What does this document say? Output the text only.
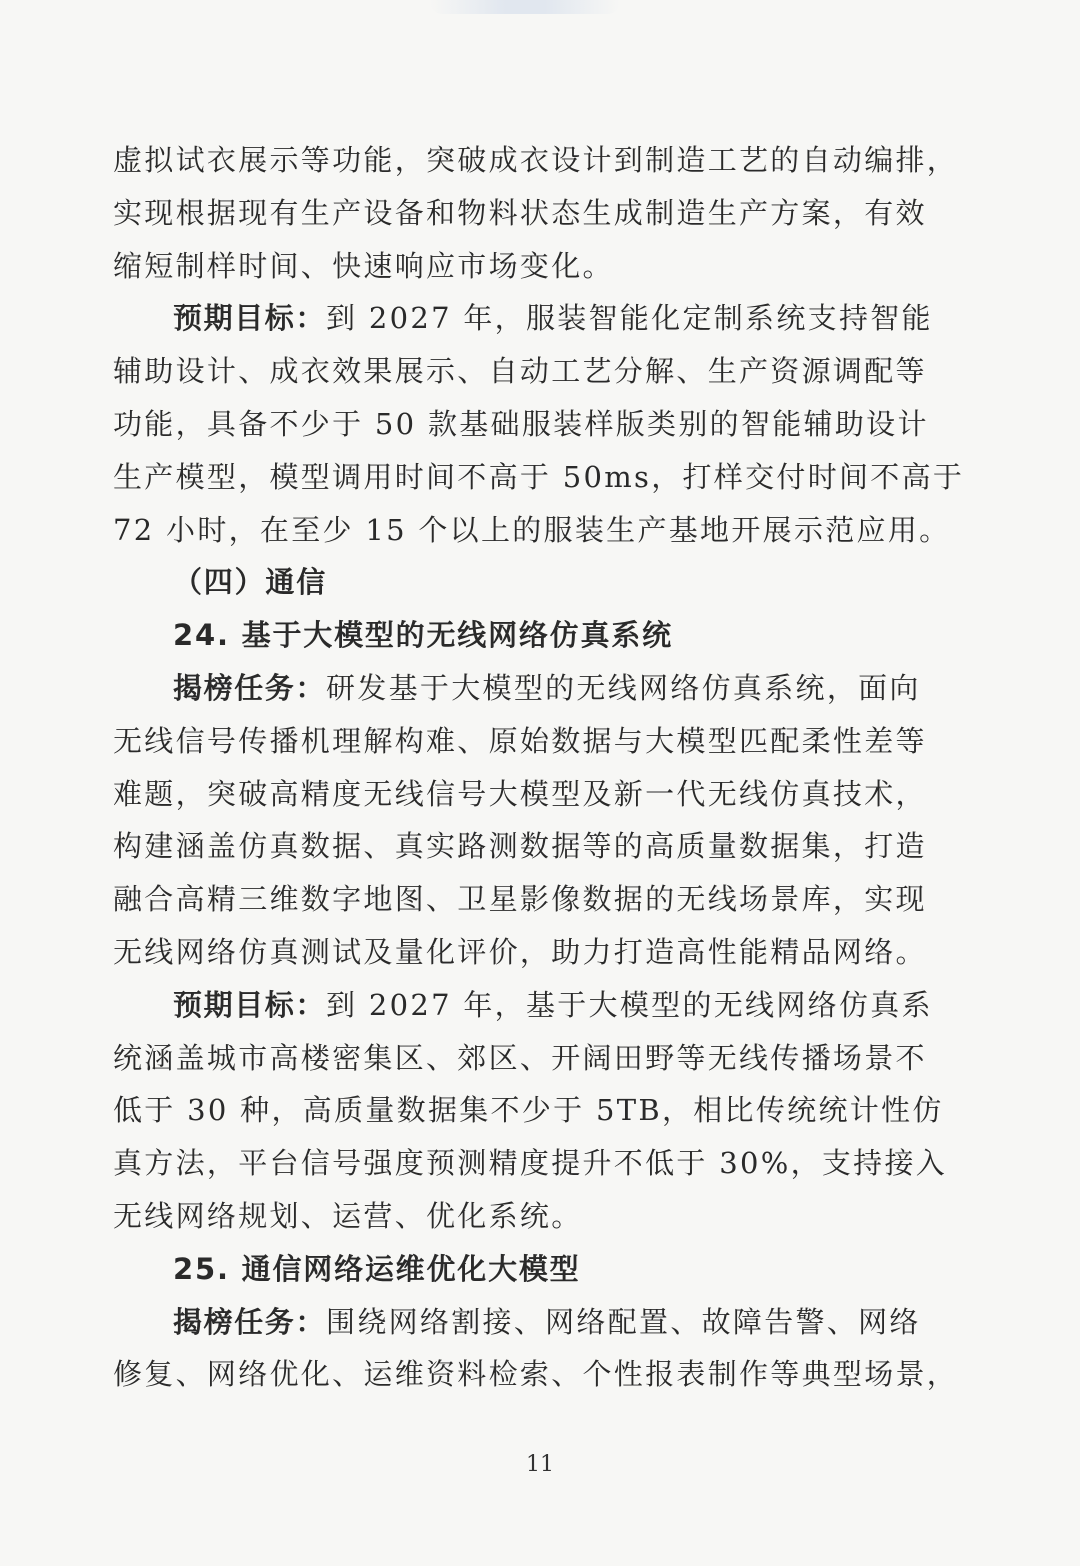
虚拟试衣展示等功能，突破成衣设计到制造工艺的自动编排，
实现根据现有生产设备和物料状态生成制造生产方案，有效
缩短制样时间、快速响应市场变化。
预期目标：到 2027 年，服装智能化定制系统支持智能
辅助设计、成衣效果展示、自动工艺分解、生产资源调配等
功能，具备不少于 50 款基础服装样版类别的智能辅助设计
生产模型，模型调用时间不高于 50ms，打样交付时间不高于
72 小时，在至少 15 个以上的服装生产基地开展示范应用。
（四）通信
24. 基于大模型的无线网络仿真系统
揭榜任务：研发基于大模型的无线网络仿真系统，面向
无线信号传播机理解构难、原始数据与大模型匹配柔性差等
难题，突破高精度无线信号大模型及新一代无线仿真技术，
构建涵盖仿真数据、真实路测数据等的高质量数据集，打造
融合高精三维数字地图、卫星影像数据的无线场景库，实现
无线网络仿真测试及量化评价，助力打造高性能精品网络。
预期目标：到 2027 年，基于大模型的无线网络仿真系
统涵盖城市高楼密集区、郊区、开阔田野等无线传播场景不
低于 30 种，高质量数据集不少于 5TB，相比传统统计性仿
真方法，平台信号强度预测精度提升不低于 30%，支持接入
无线网络规划、运营、优化系统。
25. 通信网络运维优化大模型
揭榜任务：围绕网络割接、网络配置、故障告警、网络
修复、网络优化、运维资料检索、个性报表制作等典型场景，
11
